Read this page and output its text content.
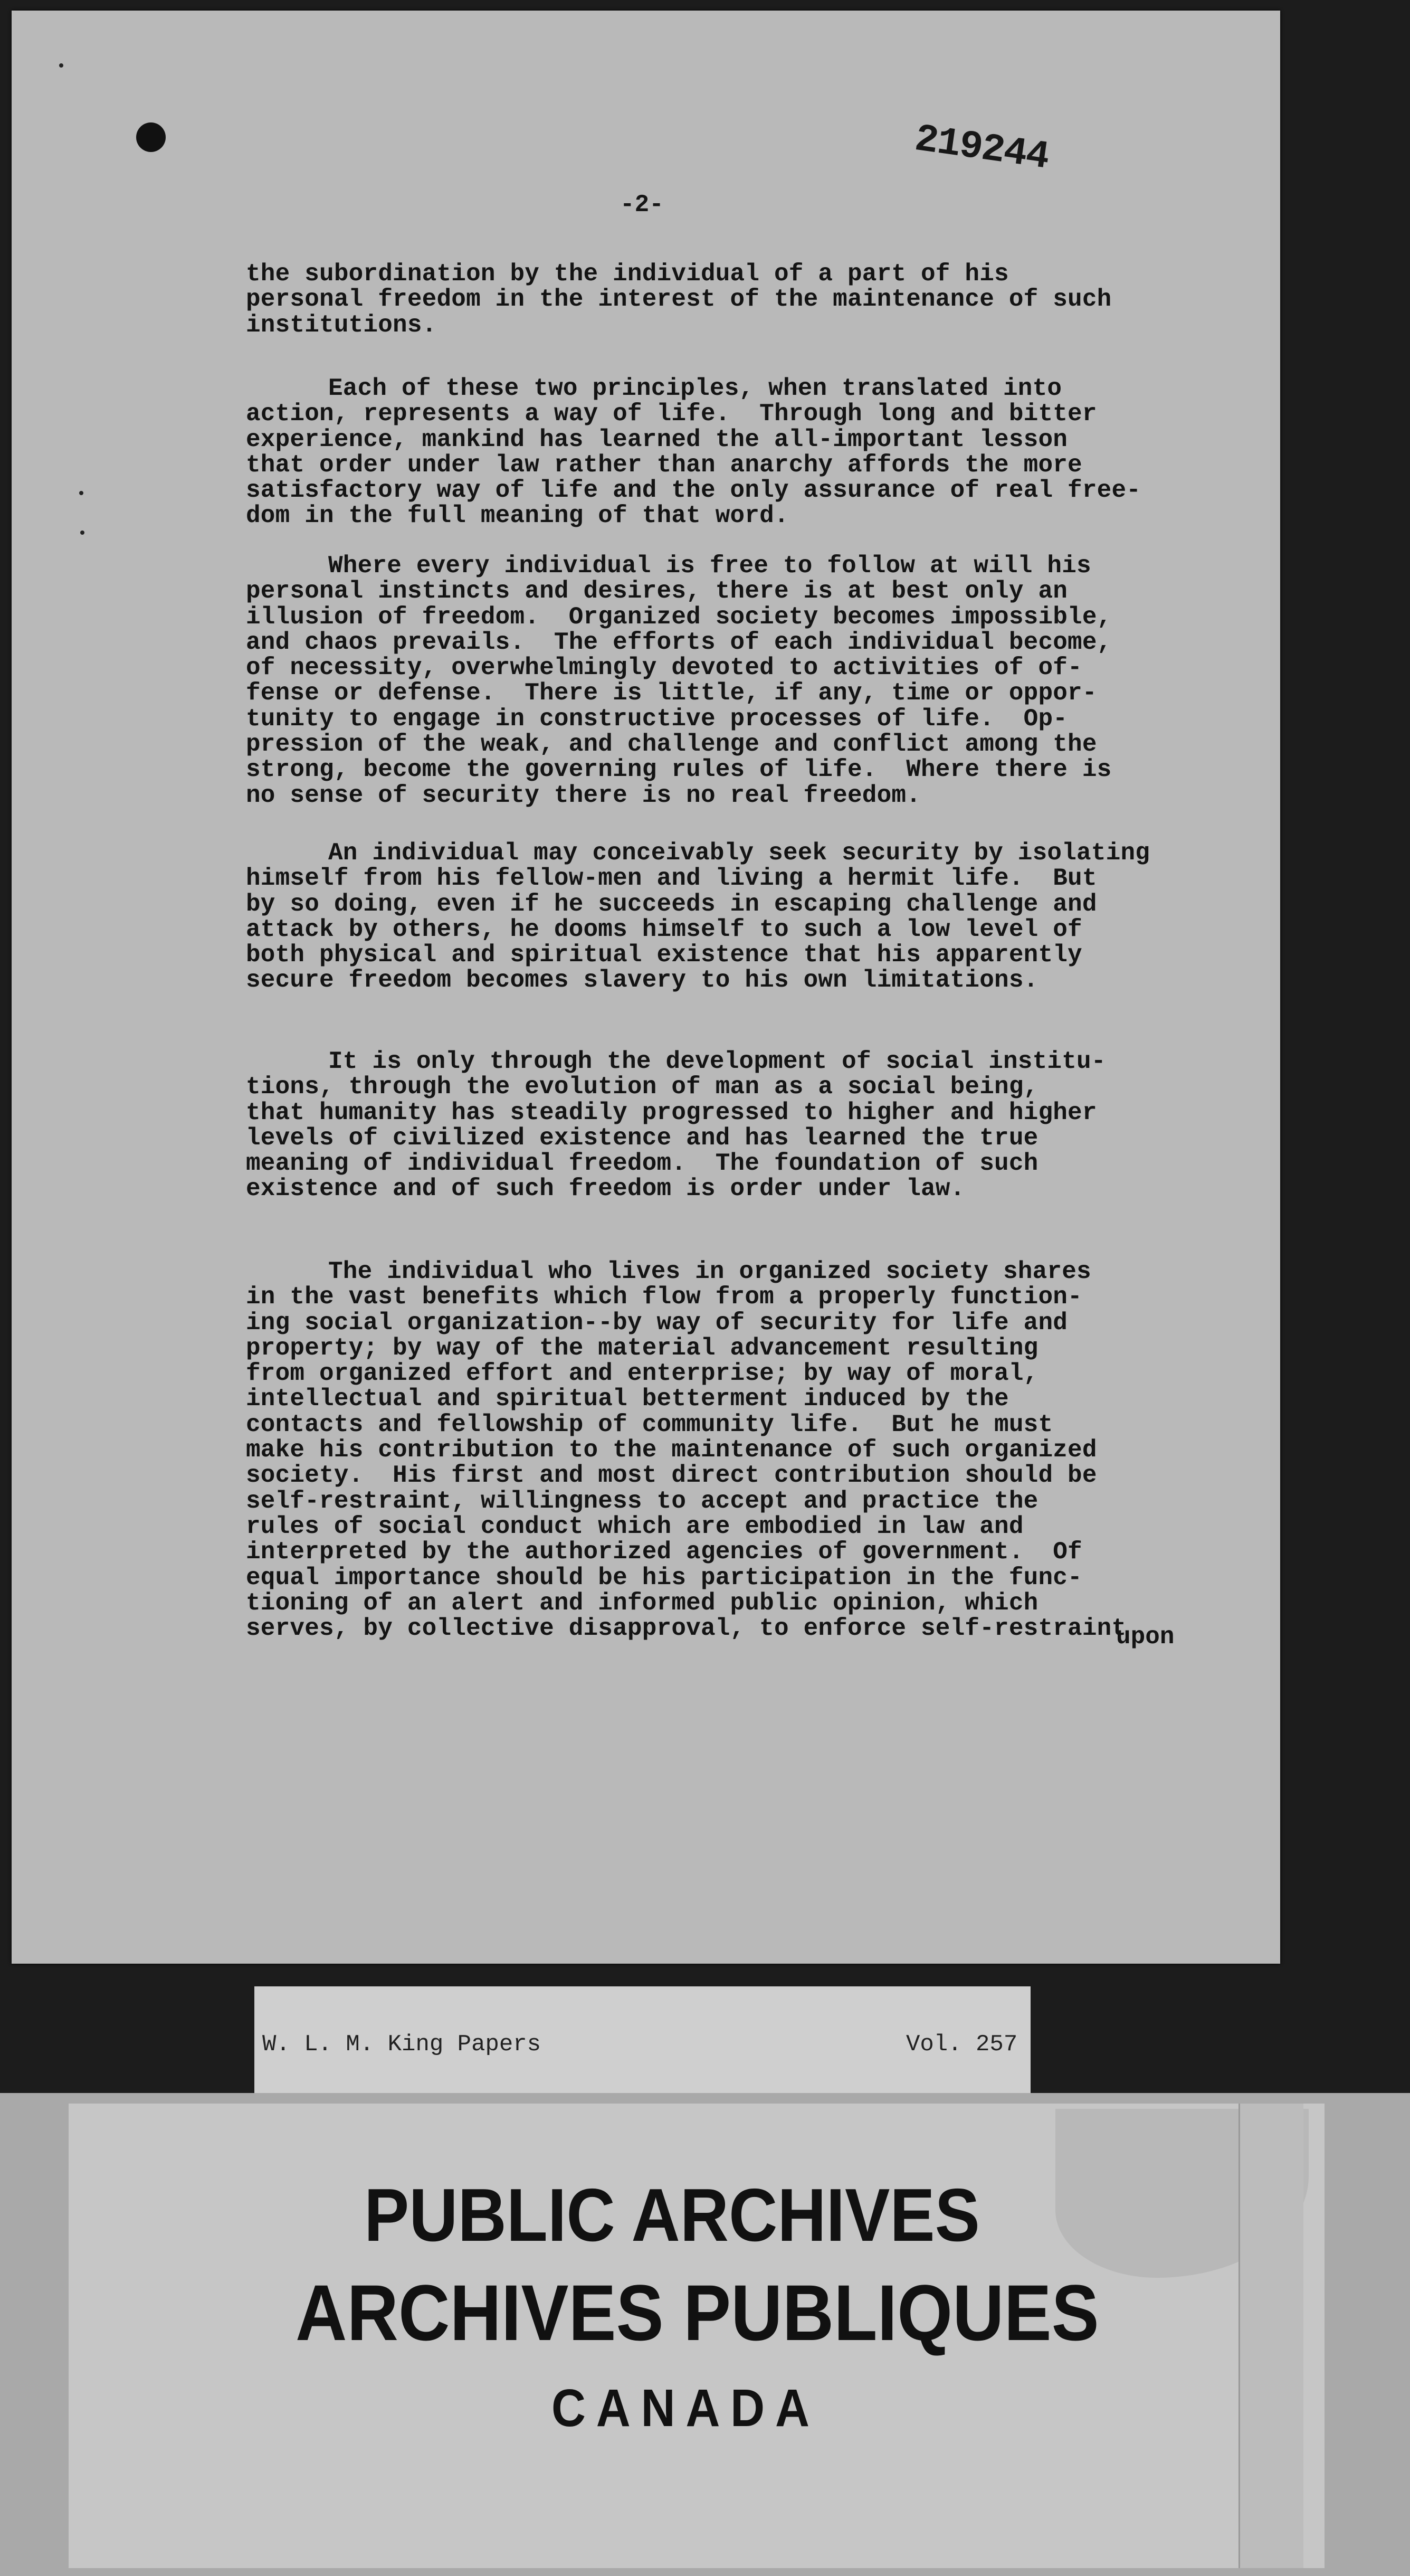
219244
-2-
the subordination by the individual of a part of his
personal freedom in the interest of the maintenance of such
institutions.
Each of these two principles, when translated into
action, represents a way of life.  Through long and bitter
experience, mankind has learned the all-important lesson
that order under law rather than anarchy affords the more
satisfactory way of life and the only assurance of real free-
dom in the full meaning of that word.
Where every individual is free to follow at will his
personal instincts and desires, there is at best only an
illusion of freedom.  Organized society becomes impossible,
and chaos prevails.  The efforts of each individual become,
of necessity, overwhelmingly devoted to activities of of-
fense or defense.  There is little, if any, time or oppor-
tunity to engage in constructive processes of life.  Op-
pression of the weak, and challenge and conflict among the
strong, become the governing rules of life.  Where there is
no sense of security there is no real freedom.
An individual may conceivably seek security by isolating
himself from his fellow-men and living a hermit life.  But
by so doing, even if he succeeds in escaping challenge and
attack by others, he dooms himself to such a low level of
both physical and spiritual existence that his apparently
secure freedom becomes slavery to his own limitations.
It is only through the development of social institu-
tions, through the evolution of man as a social being,
that humanity has steadily progressed to higher and higher
levels of civilized existence and has learned the true
meaning of individual freedom.  The foundation of such
existence and of such freedom is order under law.
The individual who lives in organized society shares
in the vast benefits which flow from a properly function-
ing social organization--by way of security for life and
property; by way of the material advancement resulting
from organized effort and enterprise; by way of moral,
intellectual and spiritual betterment induced by the
contacts and fellowship of community life.  But he must
make his contribution to the maintenance of such organized
society.  His first and most direct contribution should be
self-restraint, willingness to accept and practice the
rules of social conduct which are embodied in law and
interpreted by the authorized agencies of government.  Of
equal importance should be his participation in the func-
tioning of an alert and informed public opinion, which
serves, by collective disapproval, to enforce self-restraint
upon
W. L. M. King Papers	Vol. 257
PUBLIC ARCHIVES
ARCHIVES PUBLIQUES
CANADA
